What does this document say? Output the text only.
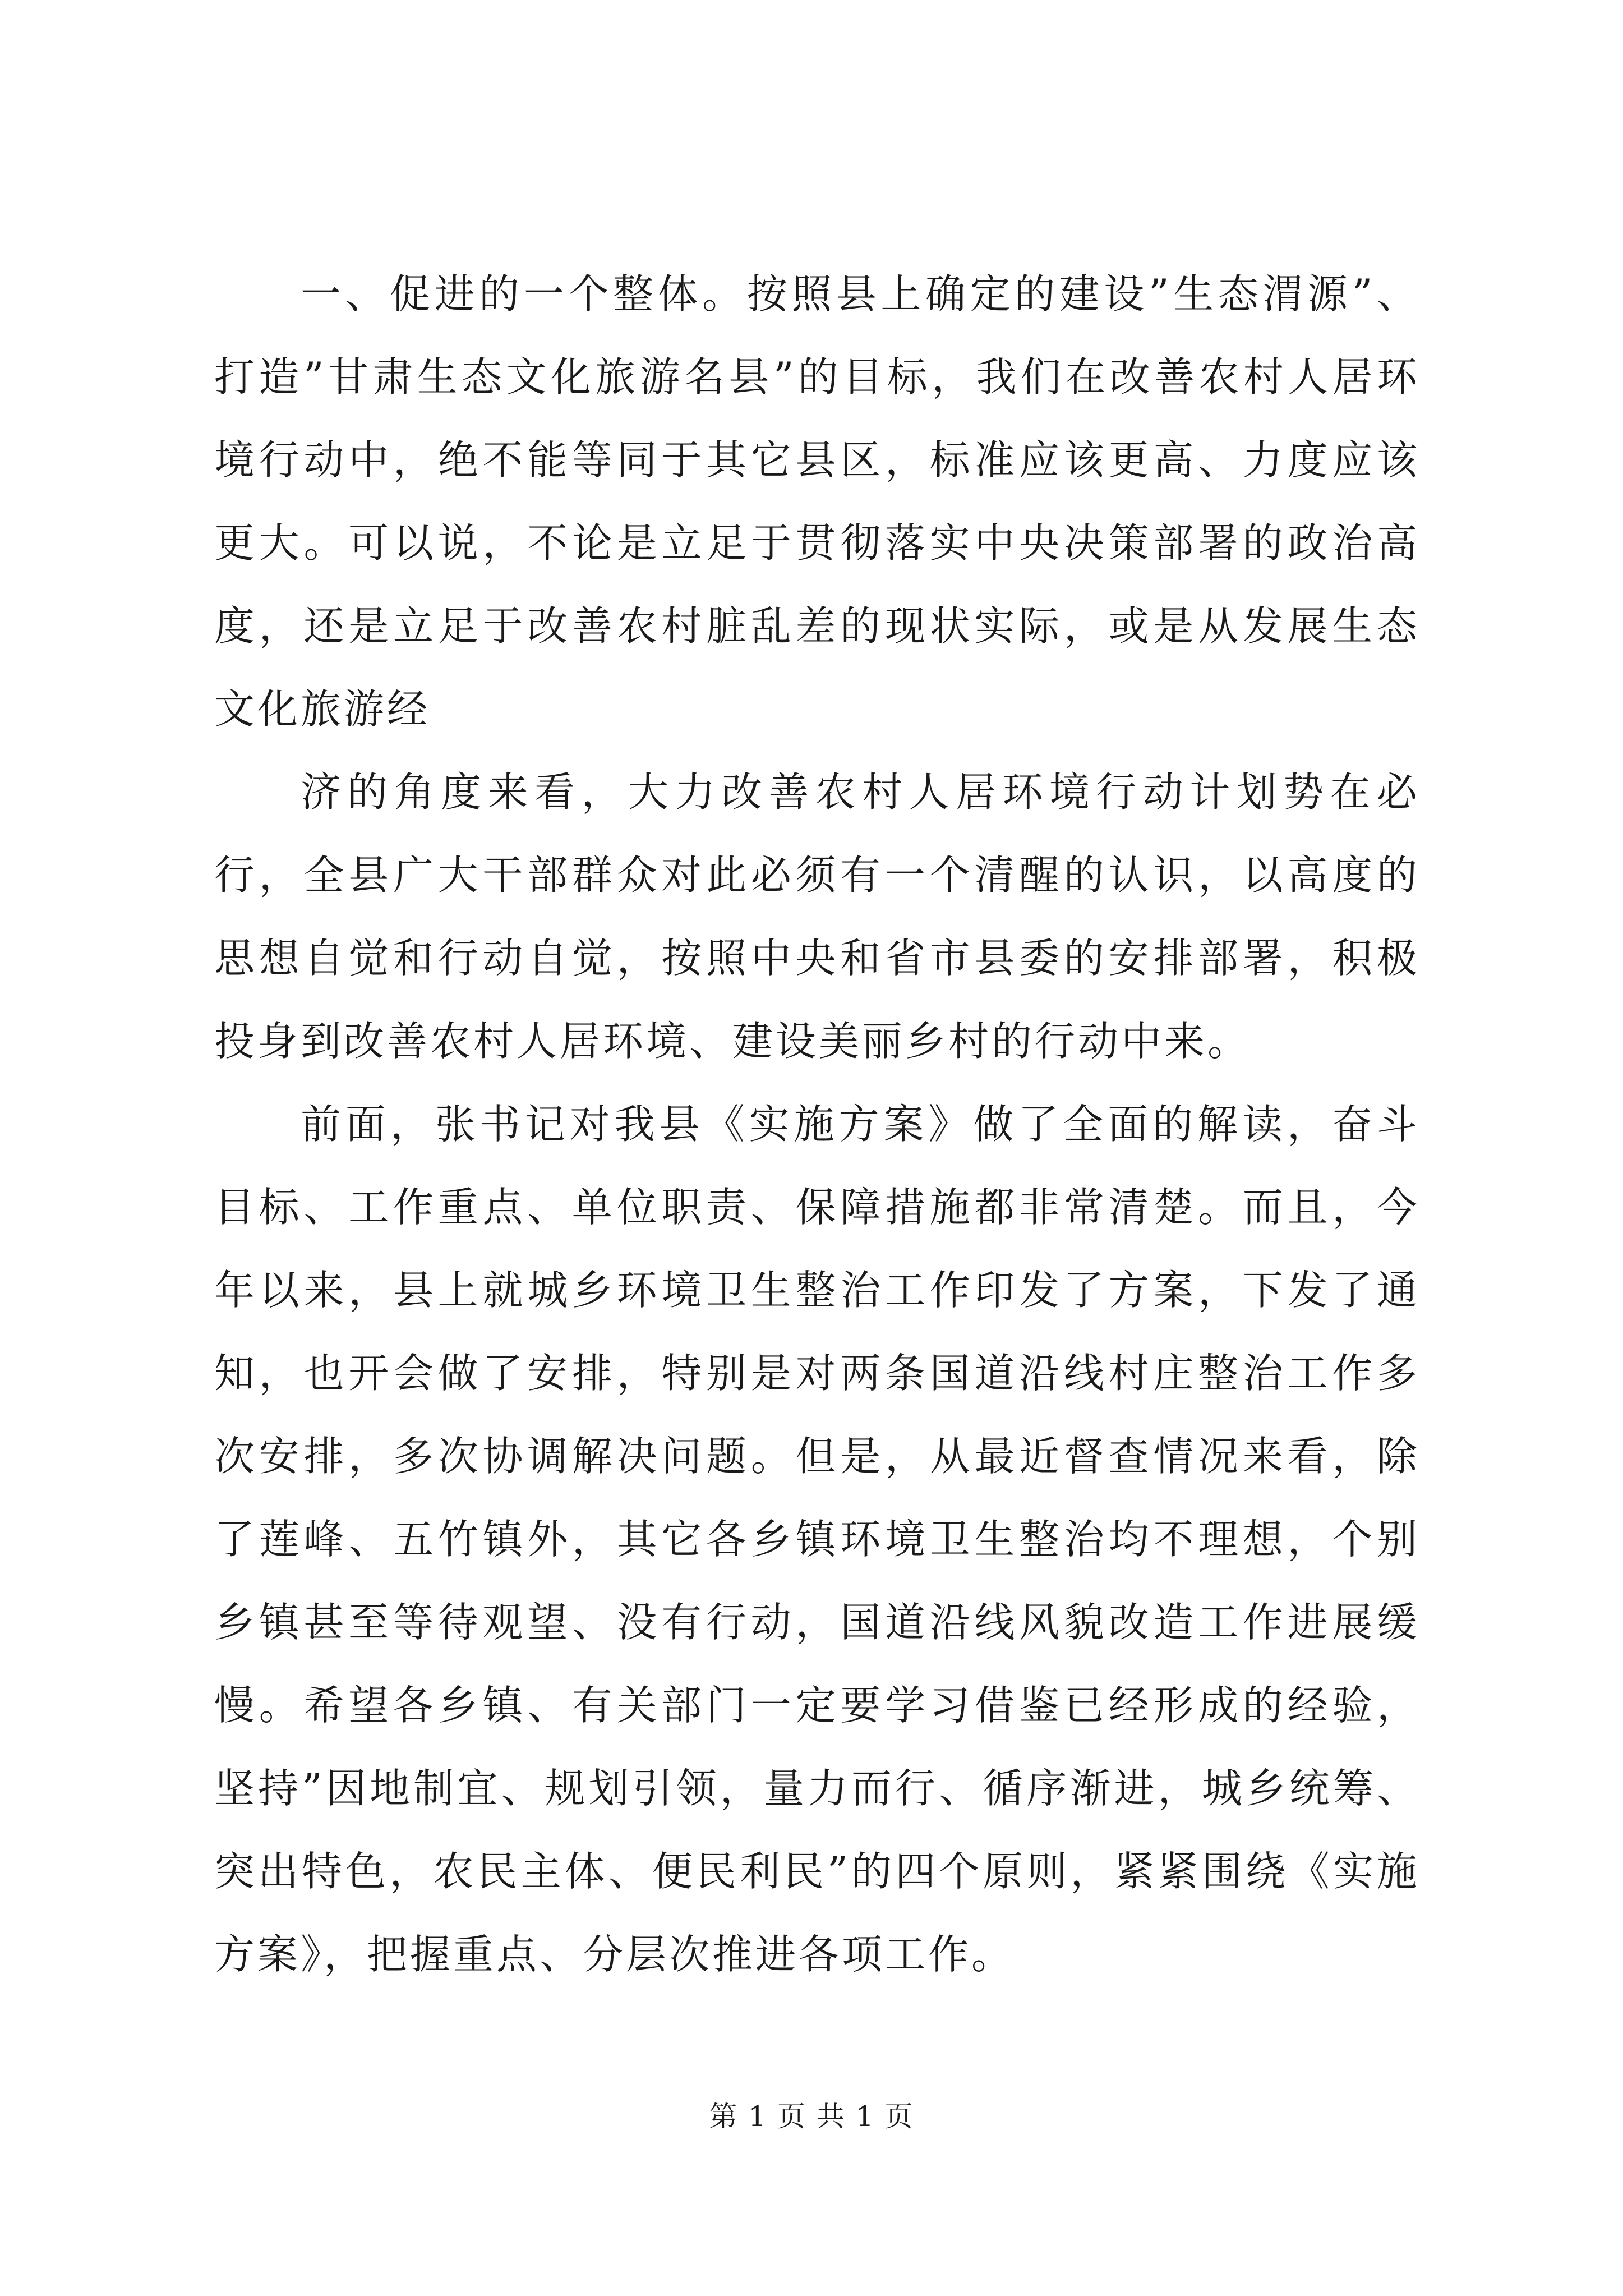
一、促进的一个整体。按照县上确定的建设”生态渭源”、打造”甘肃生态文化旅游名县”的目标，我们在改善农村人居环境行动中，绝不能等同于其它县区，标准应该更高、力度应该更大。可以说，不论是立足于贯彻落实中央决策部署的政治高度，还是立足于改善农村脏乱差的现状实际，或是从发展生态文化旅游经

济的角度来看，大力改善农村人居环境行动计划势在必行，全县广大干部群众对此必须有一个清醒的认识，以高度的思想自觉和行动自觉，按照中央和省市县委的安排部署，积极投身到改善农村人居环境、建设美丽乡村的行动中来。

前面，张书记对我县《实施方案》做了全面的解读，奋斗目标、工作重点、单位职责、保障措施都非常清楚。而且，今年以来，县上就城乡环境卫生整治工作印发了方案，下发了通知，也开会做了安排，特别是对两条国道沿线村庄整治工作多次安排，多次协调解决问题。但是，从最近督查情况来看，除了莲峰、五竹镇外，其它各乡镇环境卫生整治均不理想，个别乡镇甚至等待观望、没有行动，国道沿线风貌改造工作进展缓慢。希望各乡镇、有关部门一定要学习借鉴已经形成的经验，坚持”因地制宜、规划引领，量力而行、循序渐进，城乡统筹、突出特色，农民主体、便民利民”的四个原则，紧紧围绕《实施方案》，把握重点、分层次推进各项工作。

第 1 页 共 1 页
